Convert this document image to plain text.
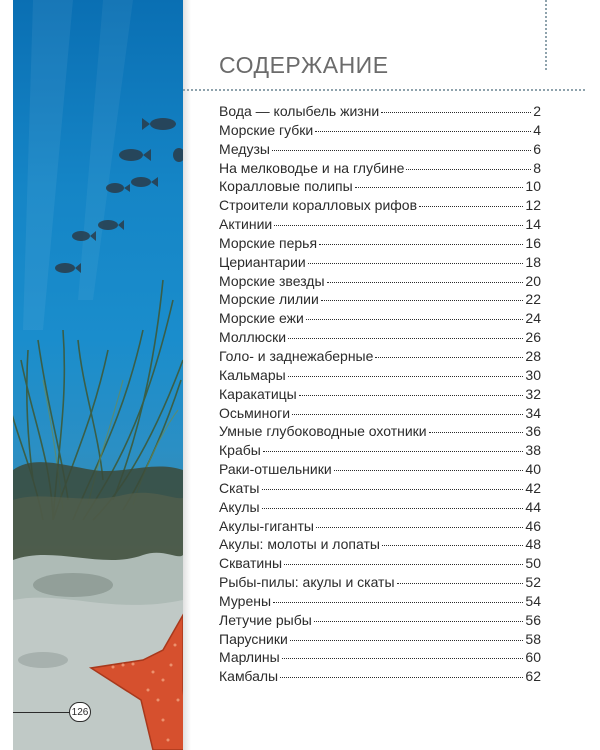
СОДЕРЖАНИЕ
Вода — колыбель жизни	2
Морские губки	4
Медузы	6
На мелководье и на глубине	8
Коралловые полипы	10
Строители коралловых рифов	12
Актинии	14
Морские перья	16
Цериантарии	18
Морские звезды	20
Морские лилии	22
Морские ежи	24
Моллюски	26
Голо- и заднежаберные	28
Кальмары	30
Каракатицы	32
Осьминоги	34
Умные глубоководные охотники	36
Крабы	38
Раки-отшельники	40
Скаты	42
Акулы	44
Акулы-гиганты	46
Акулы: молоты и лопаты	48
Скватины	50
Рыбы-пилы: акулы и скаты	52
Мурены	54
Летучие рыбы	56
Парусники	58
Марлины	60
Камбалы	62
126
